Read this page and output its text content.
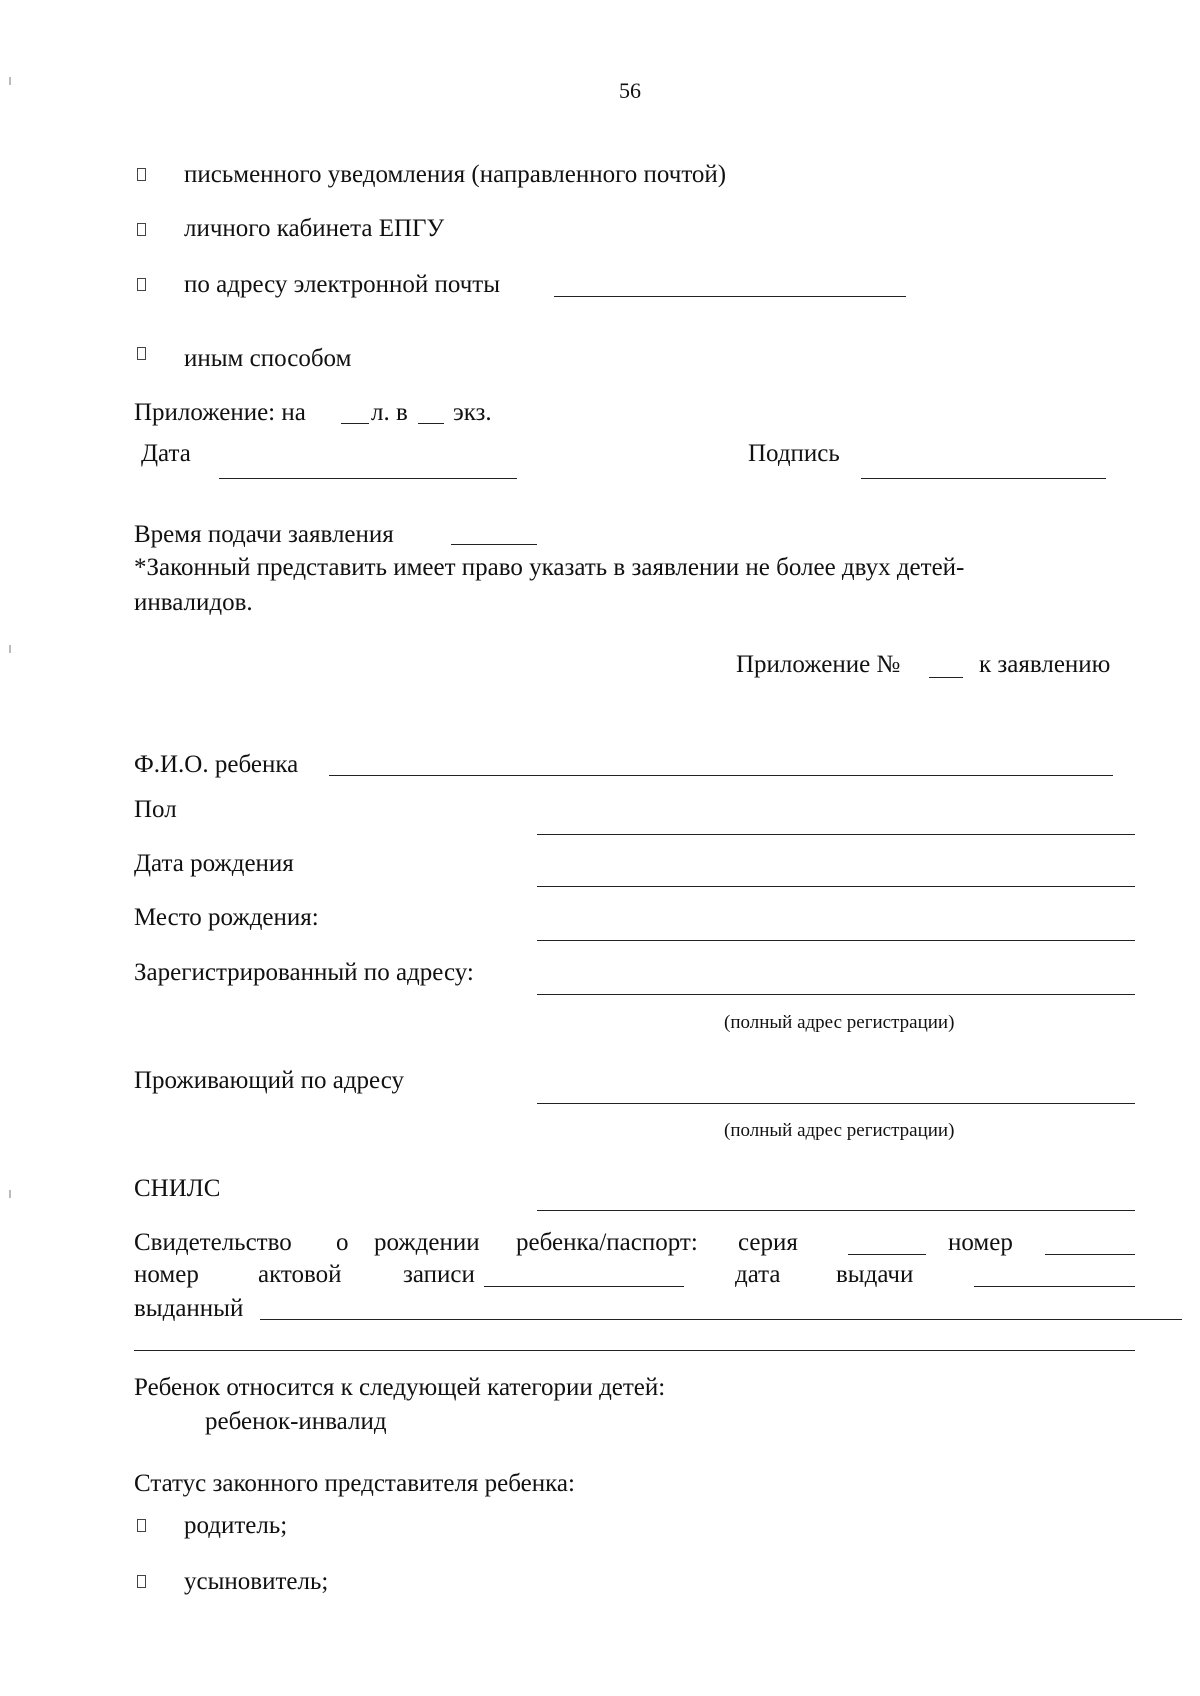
56
письменного уведомления (направленного почтой)
личного кабинета ЕПГУ
по адресу электронной почты
иным способом
Приложение: на	л. в экз.
Дата	Подпись
Время подачи заявления
*Законный представить имеет право указать в заявлении не более двух детей-
инвалидов.
Приложение №	к заявлению
Ф.И.О. ребенка
Пол
Дата рождения
Место рождения:
Зарегистрированный по адресу:
(полный адрес регистрации)
Проживающий по адресу
(полный адрес регистрации)
СНИЛС
Свидетельство о рождении ребенка/паспорт: серия	номер
номер актовой записи	дата выдачи
выданный
Ребенок относится к следующей категории детей:
ребенок-инвалид
Статус законного представителя ребенка:
родитель;
усыновитель;
